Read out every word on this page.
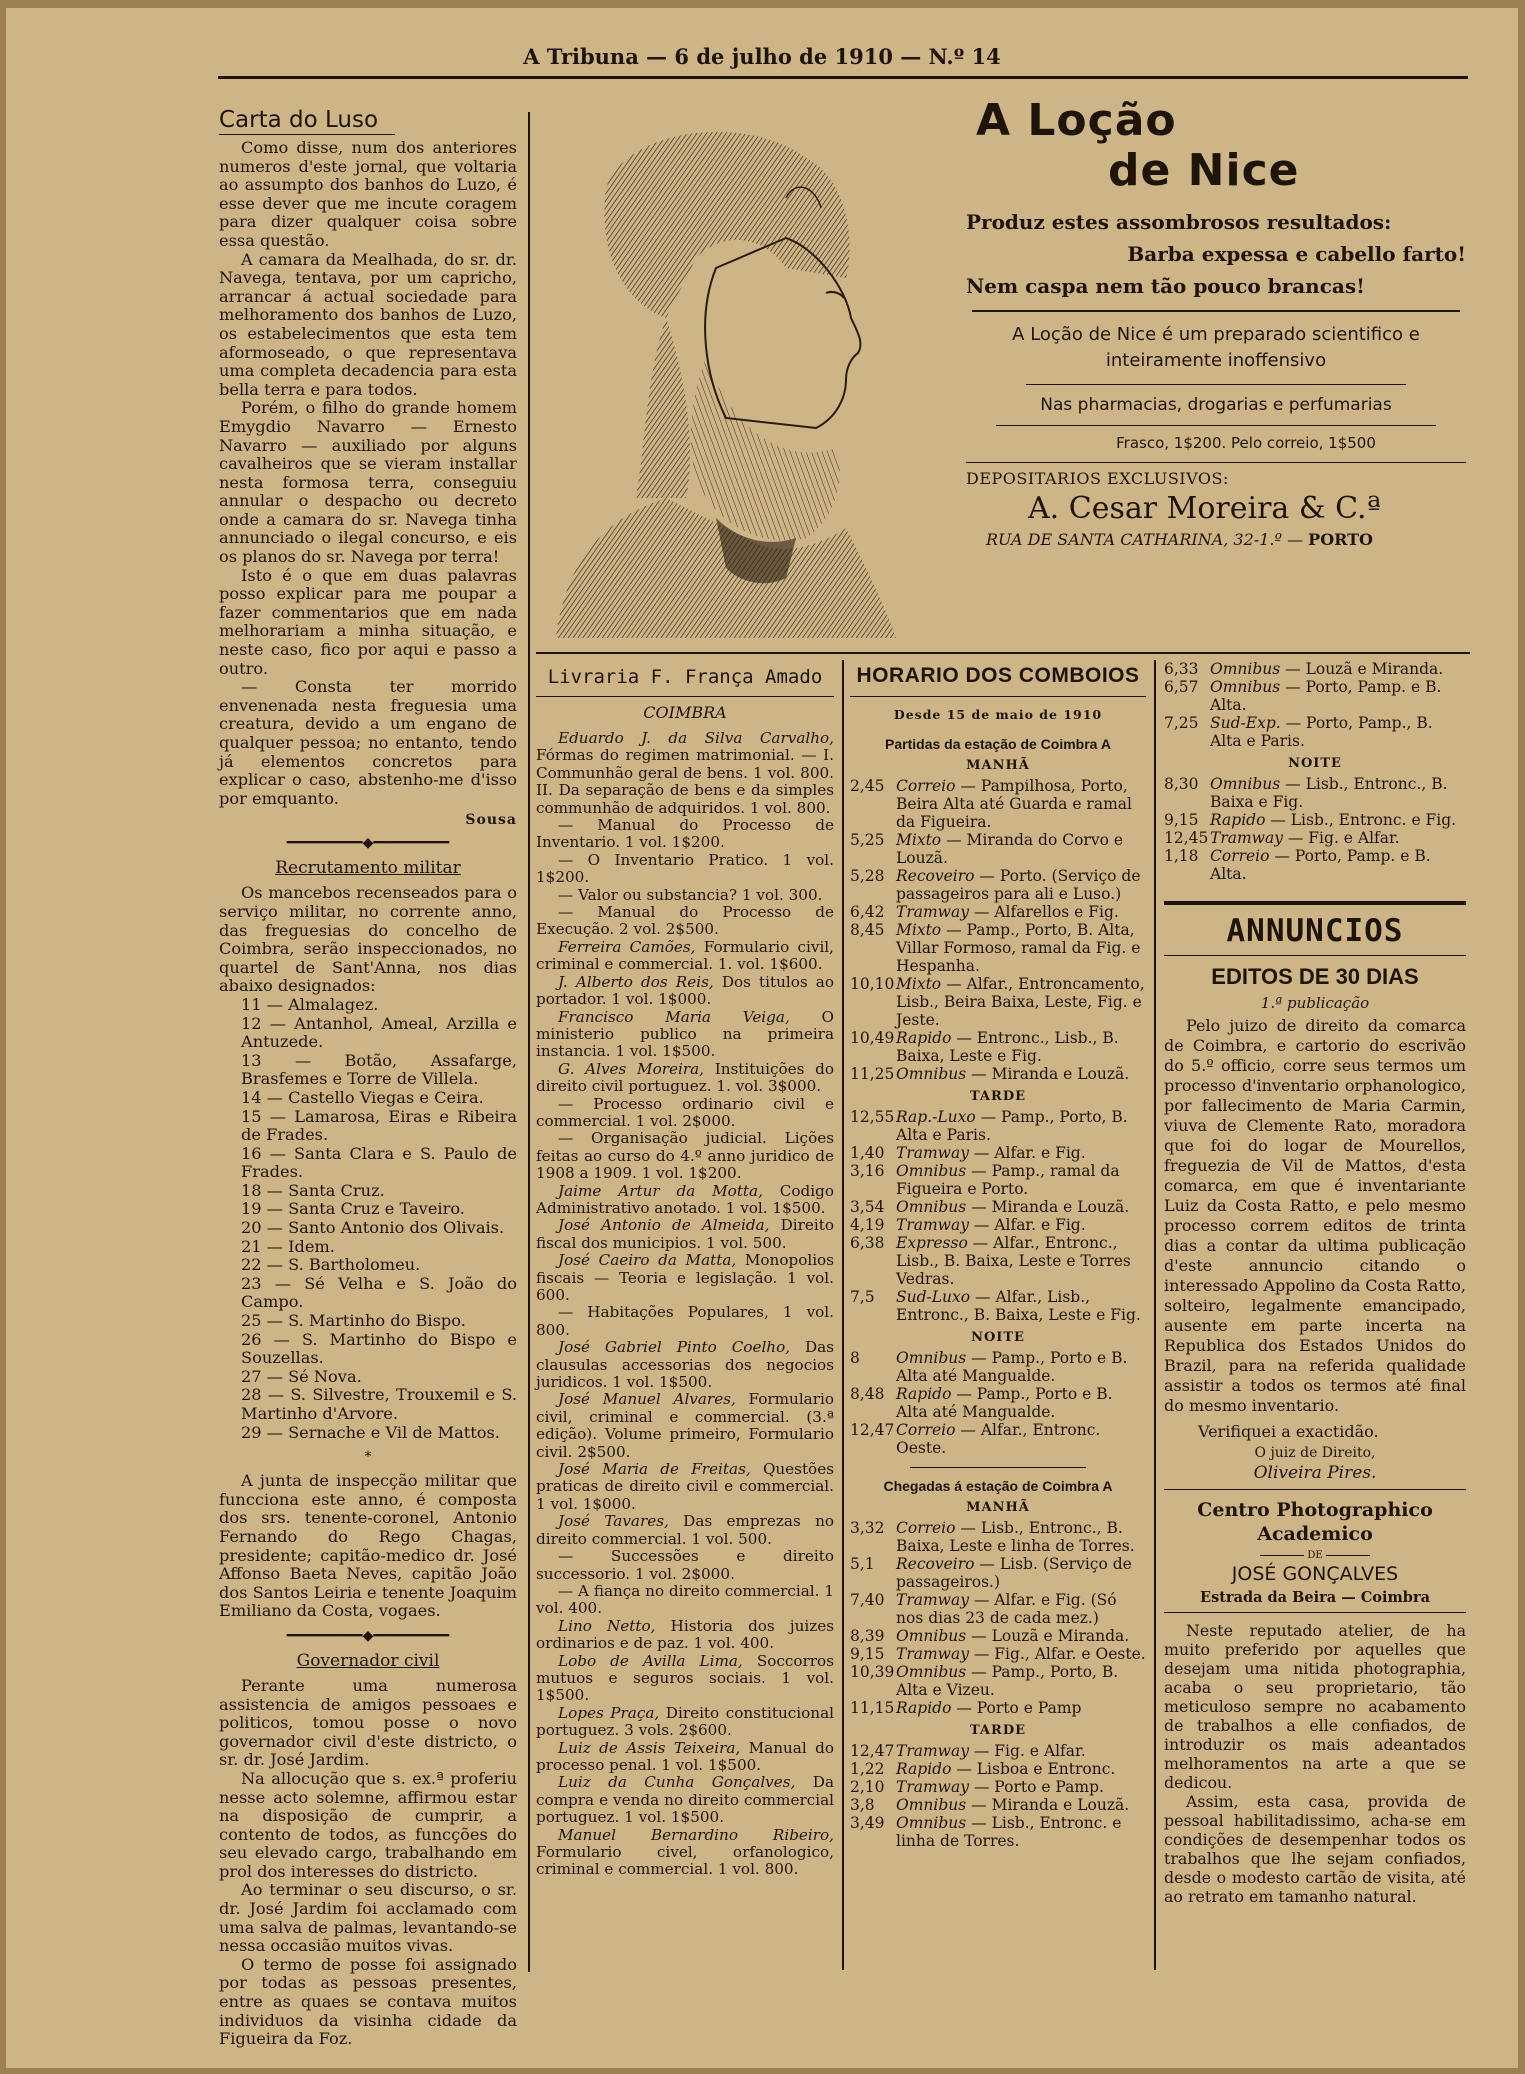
A Tribuna — 6 de julho de 1910 — N.º 14
Carta do Luso

Como disse, num dos anteriores numeros d'este jornal, que voltaria ao assumpto dos banhos do Luzo, é esse dever que me incute coragem para dizer qualquer coisa sobre essa questão.

A camara da Mealhada, do sr. dr. Navega, tentava, por um capricho, arrancar á actual sociedade para melhoramento dos banhos de Luzo, os estabelecimentos que esta tem aformoseado, o que representava uma completa decadencia para esta bella terra e para todos.

Porém, o filho do grande homem Emygdio Navarro — Ernesto Navarro — auxiliado por alguns cavalheiros que se vieram installar nesta formosa terra, conseguiu annular o despacho ou decreto onde a camara do sr. Navega tinha annunciado o ilegal concurso, e eis os planos do sr. Navega por terra!

Isto é o que em duas palavras posso explicar para me poupar a fazer commentarios que em nada melhorariam a minha situação, e neste caso, fico por aqui e passo a outro.

— Consta ter morrido envenenada nesta freguesia uma creatura, devido a um engano de qualquer pessoa; no entanto, tendo já elementos concretos para explicar o caso, abstenho-me d'isso por emquanto.

Sousa
━━━━━━━━━◆━━━━━━━━━
Recrutamento militar

Os mancebos recenseados para o serviço militar, no corrente anno, das freguesias do concelho de Coimbra, serão inspeccionados, no quartel de Sant'Anna, nos dias abaixo designados:

11 — Almalagez.
12 — Antanhol, Ameal, Arzilla e Antuzede.
13 — Botão, Assafarge, Brasfemes e Torre de Villela.
14 — Castello Viegas e Ceira.
15 — Lamarosa, Eiras e Ribeira de Frades.
16 — Santa Clara e S. Paulo de Frades.
18 — Santa Cruz.
19 — Santa Cruz e Taveiro.
20 — Santo Antonio dos Olivais.
21 — Idem.
22 — S. Bartholomeu.
23 — Sé Velha e S. João do Campo.
25 — S. Martinho do Bispo.
26 — S. Martinho do Bispo e Souzellas.
27 — Sé Nova.
28 — S. Silvestre, Trouxemil e S. Martinho d'Arvore.
29 — Sernache e Vil de Mattos.
*

A junta de inspecção militar que funcciona este anno, é composta dos srs. tenente-coronel, Antonio Fernando do Rego Chagas, presidente; capitão-medico dr. José Affonso Baeta Neves, capitão João dos Santos Leiria e tenente Joaquim Emiliano da Costa, vogaes.

━━━━━━━━━◆━━━━━━━━━
Governador civil

Perante uma numerosa assistencia de amigos pessoaes e politicos, tomou posse o novo governador civil d'este districto, o sr. dr. José Jardim.

Na allocução que s. ex.ª proferiu nesse acto solemne, affirmou estar na disposição de cumprir, a contento de todos, as funcções do seu elevado cargo, trabalhando em prol dos interesses do districto.

Ao terminar o seu discurso, o sr. dr. José Jardim foi acclamado com uma salva de palmas, levantando-se nessa occasião muitos vivas.

O termo de posse foi assignado por todas as pessoas presentes, entre as quaes se contava muitos individuos da visinha cidade da Figueira da Foz.

A Loção
de Nice
Produz estes assombrosos resultados:
Barba expessa e cabello farto!
Nem caspa nem tão pouco brancas!
A Loção de Nice é um preparado scientifico e inteiramente inoffensivo
Nas pharmacias, drogarias e perfumarias
Frasco, 1$200. Pelo correio, 1$500
DEPOSITARIOS EXCLUSIVOS:
A. Cesar Moreira & C.ª
RUA DE SANTA CATHARINA, 32-1.º — PORTO
Livraria F. França Amado
COIMBRA

Eduardo J. da Silva Carvalho, Fórmas do regimen matrimonial. — I. Communhão geral de bens. 1 vol. 800. II. Da separação de bens e da simples communhão de adquiridos. 1 vol. 800.

— Manual do Processo de Inventario. 1 vol. 1$200.

— O Inventario Pratico. 1 vol. 1$200.

— Valor ou substancia? 1 vol. 300.

— Manual do Processo de Execução. 2 vol. 2$500.

Ferreira Camões, Formulario civil, criminal e commercial. 1. vol. 1$600.

J. Alberto dos Reis, Dos titulos ao portador. 1 vol. 1$000.

Francisco Maria Veiga, O ministerio publico na primeira instancia. 1 vol. 1$500.

G. Alves Moreira, Instituições do direito civil portuguez. 1. vol. 3$000.

— Processo ordinario civil e commercial. 1 vol. 2$000.

— Organisação judicial. Lições feitas ao curso do 4.º anno juridico de 1908 a 1909. 1 vol. 1$200.

Jaime Artur da Motta, Codigo Administrativo anotado. 1 vol. 1$500.

José Antonio de Almeida, Direito fiscal dos municipios. 1 vol. 500.

José Caeiro da Matta, Monopolios fiscais — Teoria e legislação. 1 vol. 600.

— Habitações Populares, 1 vol. 800.

José Gabriel Pinto Coelho, Das clausulas accessorias dos negocios juridicos. 1 vol. 1$500.

José Manuel Alvares, Formulario civil, criminal e commercial. (3.ª edição). Volume primeiro, Formulario civil. 2$500.

José Maria de Freitas, Questões praticas de direito civil e commercial. 1 vol. 1$000.

José Tavares, Das emprezas no direito commercial. 1 vol. 500.

— Successões e direito successorio. 1 vol. 2$000.

— A fiança no direito commercial. 1 vol. 400.

Lino Netto, Historia dos juizes ordinarios e de paz. 1 vol. 400.

Lobo de Avilla Lima, Soccorros mutuos e seguros sociais. 1 vol. 1$500.

Lopes Praça, Direito constitucional portuguez. 3 vols. 2$600.

Luiz de Assis Teixeira, Manual do processo penal. 1 vol. 1$500.

Luiz da Cunha Gonçalves, Da compra e venda no direito commercial portuguez. 1 vol. 1$500.

Manuel Bernardino Ribeiro, Formulario civel, orfanologico, criminal e commercial. 1 vol. 800.

HORARIO DOS COMBOIOS
Desde 15 de maio de 1910
Partidas da estação de Coimbra A
MANHÃ
2,45 Correio — Pampilhosa, Porto, Beira Alta até Guarda e ramal da Figueira.
5,25 Mixto — Miranda do Corvo e Louzã.
5,28 Recoveiro — Porto. (Serviço de passageiros para ali e Luso.)
6,42 Tramway — Alfarellos e Fig.
8,45 Mixto — Pamp., Porto, B. Alta, Villar Formoso, ramal da Fig. e Hespanha.
10,10 Mixto — Alfar., Entroncamento, Lisb., Beira Baixa, Leste, Fig. e Jeste.
10,49 Rapido — Entronc., Lisb., B. Baixa, Leste e Fig.
11,25 Omnibus — Miranda e Louzã.
TARDE
12,55 Rap.-Luxo — Pamp., Porto, B. Alta e Paris.
1,40 Tramway — Alfar. e Fig.
3,16 Omnibus — Pamp., ramal da Figueira e Porto.
3,54 Omnibus — Miranda e Louzã.
4,19 Tramway — Alfar. e Fig.
6,38 Expresso — Alfar., Entronc., Lisb., B. Baixa, Leste e Torres Vedras.
7,5	Sud-Luxo — Alfar., Lisb., Entronc., B. Baixa, Leste e Fig.
NOITE
8	Omnibus — Pamp., Porto e B. Alta até Mangualde.
8,48 Rapido — Pamp., Porto e B. Alta até Mangualde.
12,47 Correio — Alfar., Entronc. Oeste.
Chegadas á estação de Coimbra A
MANHÃ
3,32 Correio — Lisb., Entronc., B. Baixa, Leste e linha de Torres.
5,1	Recoveiro — Lisb. (Serviço de passageiros.)
7,40 Tramway — Alfar. e Fig. (Só nos dias 23 de cada mez.)
8,39 Omnibus — Louzã e Miranda.
9,15 Tramway — Fig., Alfar. e Oeste.
10,39 Omnibus — Pamp., Porto, B. Alta e Vizeu.
11,15 Rapido — Porto e Pamp
TARDE
12,47 Tramway — Fig. e Alfar.
1,22 Rapido — Lisboa e Entronc.
2,10 Tramway — Porto e Pamp.
3,8	Omnibus — Miranda e Louzã.
3,49 Omnibus — Lisb., Entronc. e linha de Torres.
6,33 Omnibus — Louzã e Miranda.
6,57 Omnibus — Porto, Pamp. e B. Alta.
7,25 Sud-Exp. — Porto, Pamp., B. Alta e Paris.
NOITE
8,30 Omnibus — Lisb., Entronc., B. Baixa e Fig.
9,15 Rapido — Lisb., Entronc. e Fig.
12,45 Tramway — Fig. e Alfar.
1,18 Correio — Porto, Pamp. e B. Alta.
ANNUNCIOS
EDITOS DE 30 DIAS
1.ª publicação

Pelo juizo de direito da comarca de Coimbra, e cartorio do escrivão do 5.º officio, corre seus termos um processo d'inventario orphanologico, por fallecimento de Maria Carmin, viuva de Clemente Rato, moradora que foi do logar de Mourellos, freguezia de Vil de Mattos, d'esta comarca, em que é inventariante Luiz da Costa Ratto, e pelo mesmo processo correm editos de trinta dias a contar da ultima publicação d'este annuncio citando o interessado Appolino da Costa Ratto, solteiro, legalmente emancipado, ausente em parte incerta na Republica dos Estados Unidos do Brazil, para na referida qualidade assistir a todos os termos até final do mesmo inventario.

Verifiquei a exactidão.
O juiz de Direito,
Oliveira Pires.
Centro Photographico Academico
DE
JOSÉ GONÇALVES
Estrada da Beira — Coimbra

Neste reputado atelier, de ha muito preferido por aquelles que desejam uma nitida photographia, acaba o seu proprietario, tão meticuloso sempre no acabamento de trabalhos a elle confiados, de introduzir os mais adeantados melhoramentos na arte a que se dedicou.

Assim, esta casa, provida de pessoal habilitadissimo, acha-se em condições de desempenhar todos os trabalhos que lhe sejam confiados, desde o modesto cartão de visita, até ao retrato em tamanho natural.
